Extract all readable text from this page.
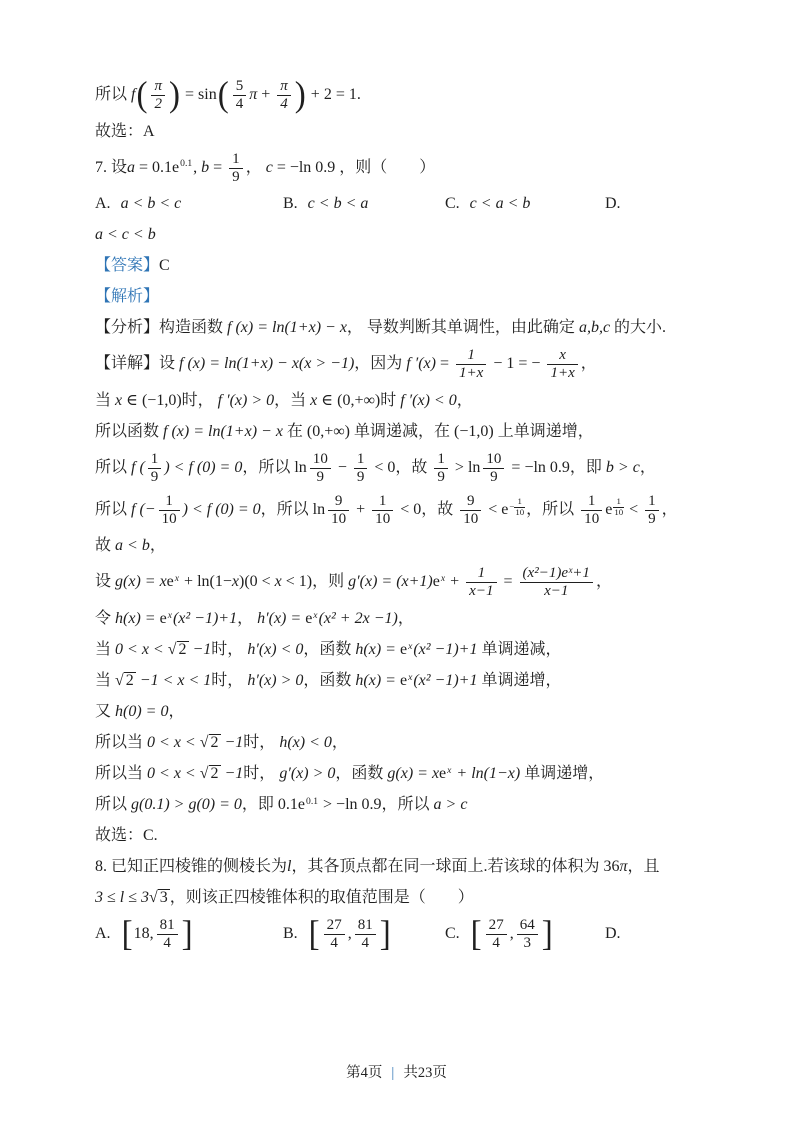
所以 $f( \frac{\pi}{2}$ ) = $\sin( \frac{5}{4}$ $\pi + \frac{\pi}{4}$ ) + 2 = 1.
故选：A
7. 设a = 0.1e0.1, $b = \frac{1}{9}$ ， c = −ln 0.9 ，则（　　）
A. a < b < c	B. c < b < a	C. c < a < b	D.
a < c < b
【答案】C
【解析】
【分析】构造函数 f (x) = ln(1+x) − x， 导数判断其单调性，由此确定 a,b,c 的大小.
【详解】设 f (x) = ln(1+x) − x(x > −1)，因为 f $'(x) = \frac{1}{1+x} - 1$ = − $\frac{x}{1+x}$ ，
当 x ∈ (−1,0)时， f ′(x) > 0，当 x ∈ (0,+∞)时 f ′(x) < 0，
所以函数 f (x) = ln(1+x) − x 在 (0,+∞) 单调递减，在 (−1,0) 上单调递增，
所以 f ( $\frac{1}{9}$ ) < f (0) = 0，所以 $\ln \frac{10}{9} - \frac{1}{9} < 0$，故 $\frac{1}{9} > \ln \frac{10}{9} = -\ln$ 0.9，即 b > c，
所以 f (− $\frac{1}{10}$ ) < f (0) = 0，所以 $\ln \frac{9}{10} + \frac{1}{10} < 0$，故 $\frac{9}{10} < e- \frac{1}{10}$ ，所以 $\frac{1}{10}$ e $\frac{1}{10} < \frac{1}{9}$ ，
故 a < b，
设 g(x) = xex + ln(1−x)(0 < x < 1)，则 $g'(x) = (x+1)ex + \frac{1}{x-1} = \frac{\text{(x²−1)eˣ+1}}{x-1}$ ，
令 h(x) = ex(x² −1)+1， h′(x) = ex(x² + 2x −1)，
当 0 < x < √ 2 −1时， h′(x) < 0，函数 h(x) = ex(x² −1)+1 单调递减，
当 √ 2 −1 < x < 1时， h′(x) > 0，函数 h(x) = ex(x² −1)+1 单调递增，
又 h(0) = 0，
所以当 0 < x < √ 2 −1时， h(x) < 0，
所以当 0 < x < √ 2 −1时， g′(x) > 0，函数 g(x) = xex + ln(1−x) 单调递增，
所以 g(0.1) > g(0) = 0，即 0.1e0.1 > −ln 0.9，所以 a > c
故选：C.
8. 已知正四棱锥的侧棱长为l，其各顶点都在同一球面上.若该球的体积为 36π，且
3 ≤ l ≤ 3√ 3 ，则该正四棱锥体积的取值范围是（　　）
A. [ 18, $\frac{81}{4}$ ]	B. [ $\frac{27}{4}$ , $\frac{81}{4}$ ]	C. [ $\frac{27}{4}$ , $\frac{64}{3}$ ]	D.
第4页 | 共23页
